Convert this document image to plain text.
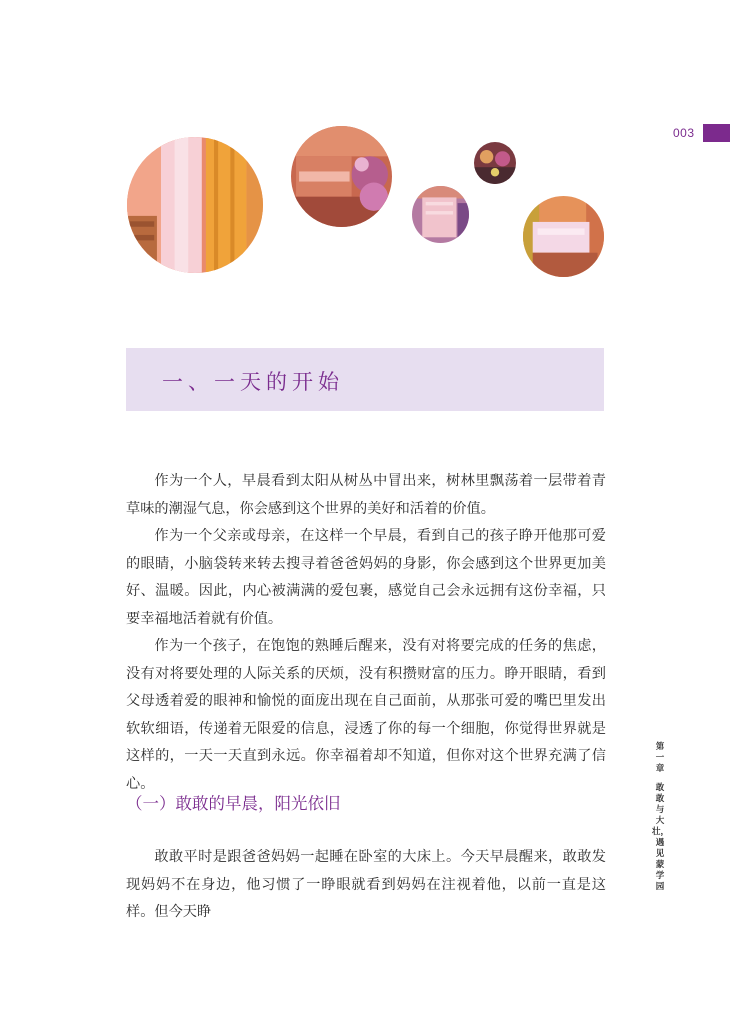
003
一、一天的开始

作为一个人，早晨看到太阳从树丛中冒出来，树林里飘荡着一层带着青草味的潮湿气息，你会感到这个世界的美好和活着的价值。

作为一个父亲或母亲，在这样一个早晨，看到自己的孩子睁开他那可爱的眼睛，小脑袋转来转去搜寻着爸爸妈妈的身影，你会感到这个世界更加美好、温暖。因此，内心被满满的爱包裹，感觉自己会永远拥有这份幸福，只要幸福地活着就有价值。

作为一个孩子，在饱饱的熟睡后醒来，没有对将要完成的任务的焦虑，没有对将要处理的人际关系的厌烦，没有积攒财富的压力。睁开眼睛，看到父母透着爱的眼神和愉悦的面庞出现在自己面前，从那张可爱的嘴巴里发出软软细语，传递着无限爱的信息，浸透了你的每一个细胞，你觉得世界就是这样的，一天一天直到永远。你幸福着却不知道，但你对这个世界充满了信心。

（一）敢敢的早晨，阳光依旧

敢敢平时是跟爸爸妈妈一起睡在卧室的大床上。今天早晨醒来，敢敢发现妈妈不在身边，他习惯了一睁眼就看到妈妈在注视着他，以前一直是这样。但今天睁

第一章
敢敢与大壮，遇见蒙学园
